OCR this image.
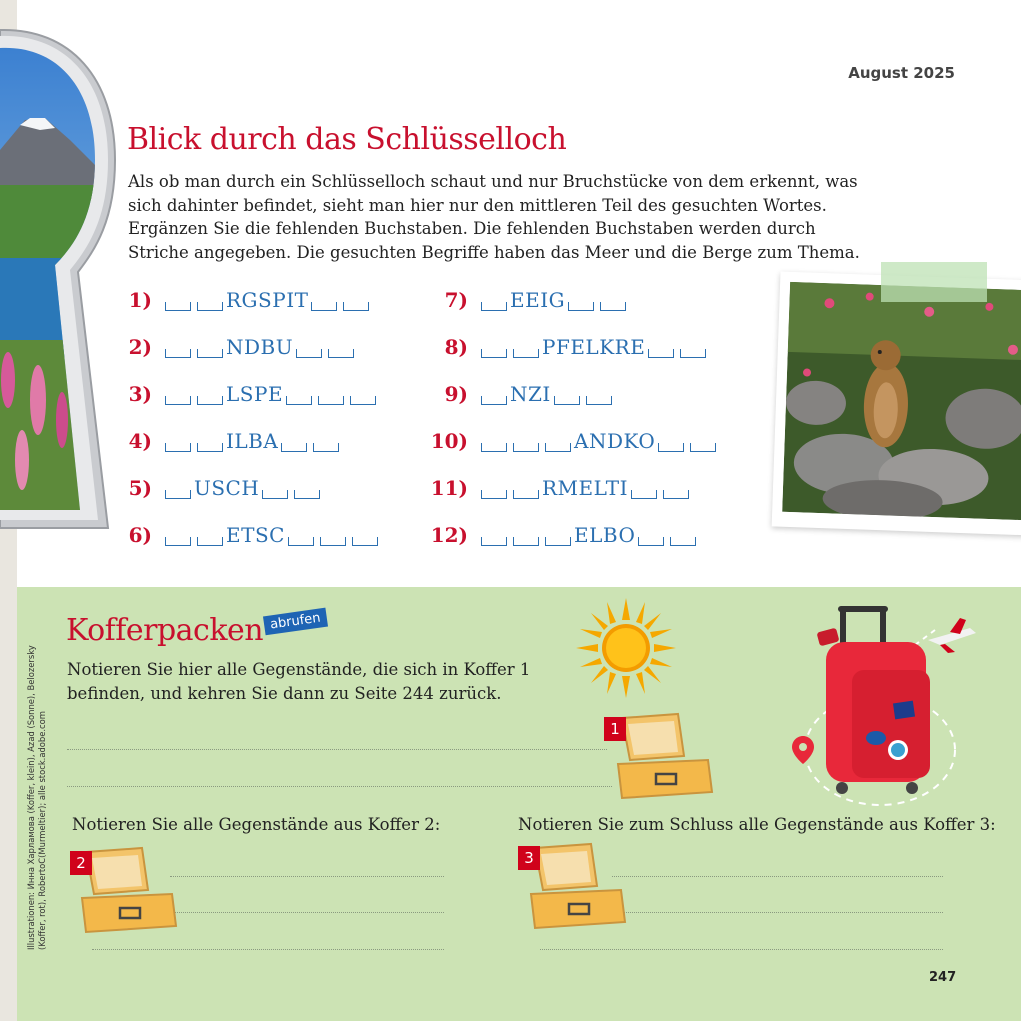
August 2025
Blick durch das Schlüsselloch
Als ob man durch ein Schlüsselloch schaut und nur Bruchstücke von dem erkennt, was sich dahinter befindet, sieht man hier nur den mittleren Teil des gesuchten Wortes. Ergänzen Sie die fehlenden Buchstaben. Die fehlenden Buchstaben werden durch Striche angegeben. Die gesuchten Begriffe haben das Meer und die Berge zum Thema.
1)	RGSPIT
2)	NDBU
3)	LSPE
4)	ILBA
5) USCH
6)	ETSC
7) EEIG
8)	PFELKRE
9) NZI
10)	ANDKO
11)	RMELTI
12)	ELBO
Illustrationen: Инна Харламова (Koffer, klein), Azad (Sonne), Belozersky (Koffer, rot), RobertoC(Murmeltier); alle stock.adobe.com
Kofferpacken abrufen
Notieren Sie hier alle Gegenstände, die sich in Koffer 1 befinden, und kehren Sie dann zu Seite 244 zurück.
1
Notieren Sie alle Gegenstände aus Koffer 2:
2
Notieren Sie zum Schluss alle Gegenstände aus Koffer 3:
3
247
